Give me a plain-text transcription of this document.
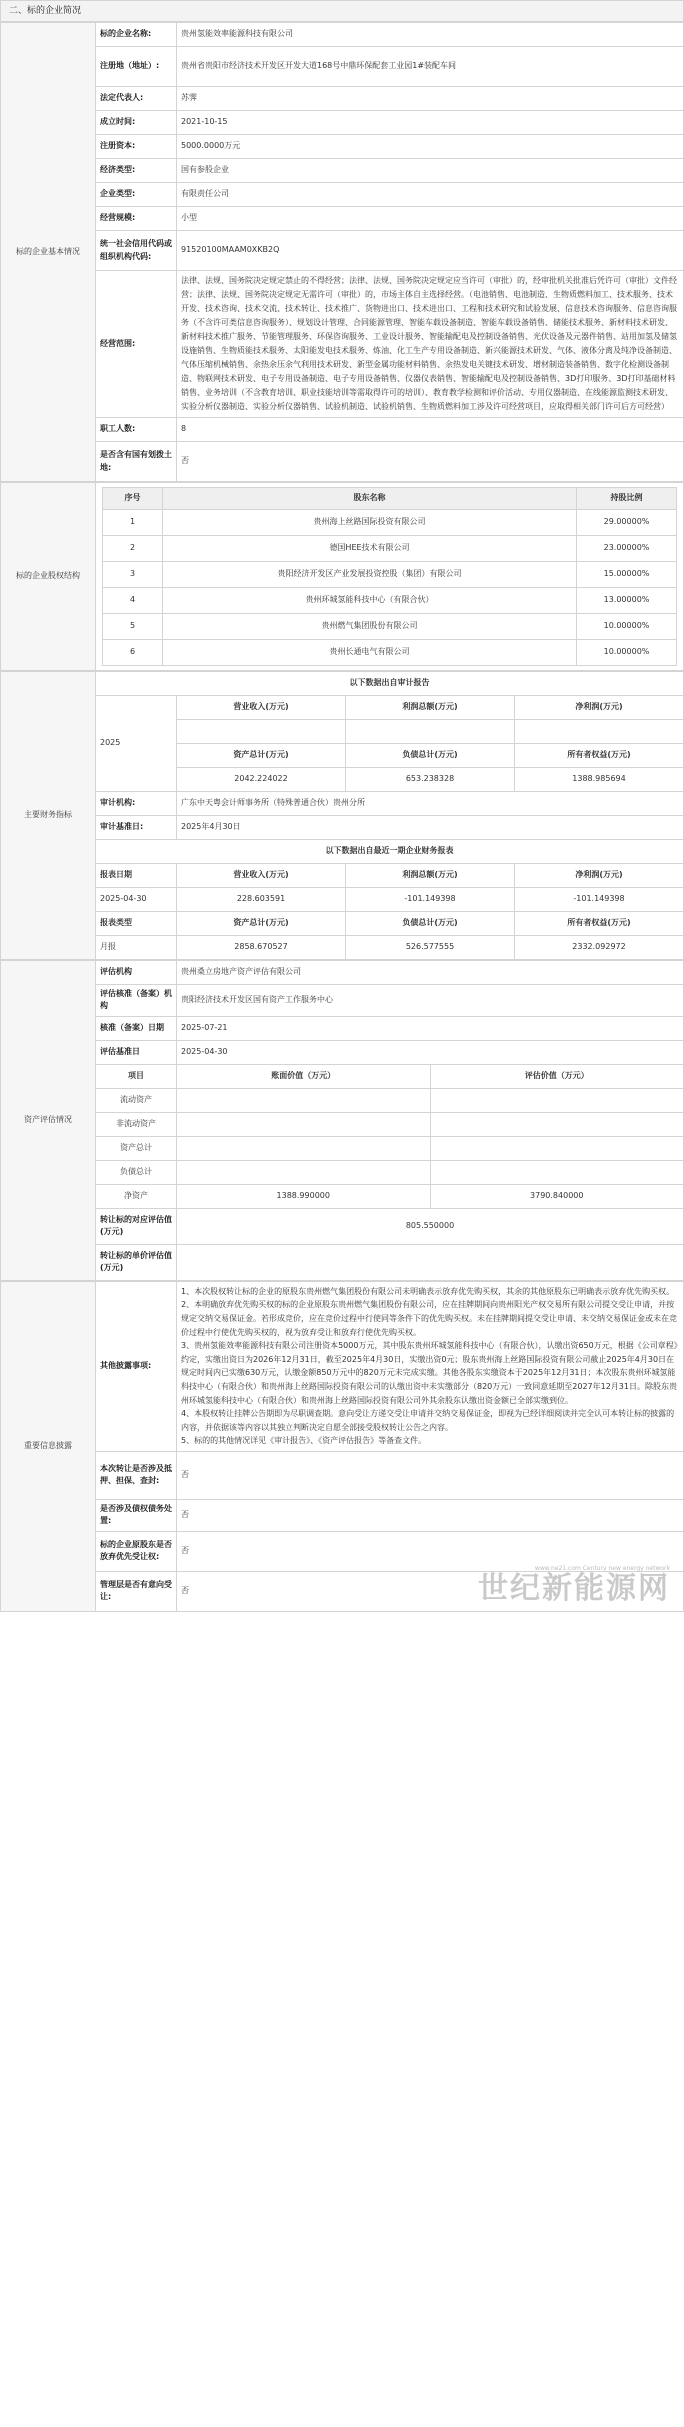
二、标的企业简况
标的企业基本情况	标的企业名称:	贵州氢能效率能源科技有限公司
	注册地（地址）:	贵州省贵阳市经济技术开发区开发大道168号中鼎环保配套工业园1#装配车间
	法定代表人:	苏霁
	成立时间:	2021-10-15
	注册资本:	5000.0000万元
	经济类型:	国有参股企业
	企业类型:	有限责任公司
	经营规模:	小型
	统一社会信用代码或组织机构代码:	91520100MAAM0XKB2Q
	经营范围:	法律、法规、国务院决定规定禁止的不得经营；法律、法规、国务院决定规定应当许可（审批）的，经审批机关批准后凭许可（审批）文件经营；法律、法规、国务院决定规定无需许可（审批）的，市场主体自主选择经营。（电池销售、电池制造、生物质燃料加工、技术服务、技术开发、技术咨询、技术交流、技术转让、技术推广、货物进出口、技术进出口、工程和技术研究和试验发展、信息技术咨询服务、信息咨询服务（不含许可类信息咨询服务）、规划设计管理、合同能源管理、智能车载设备制造、智能车载设备销售、储能技术服务、新材料技术研发、新材料技术推广服务、节能管理服务、环保咨询服务、工业设计服务、智能输配电及控制设备销售、光伏设备及元器件销售、站用加氢及储氢设施销售、生物质能技术服务、太阳能发电技术服务、炼油、化工生产专用设备制造、新兴能源技术研发、气体、液体分离及纯净设备制造、气体压缩机械销售、余热余压余气利用技术研发、新型金属功能材料销售、余热发电关键技术研发、增材制造装备销售、数字化检测设备制造、物联网技术研发、电子专用设备制造、电子专用设备销售、仪器仪表销售、智能输配电及控制设备销售、3D打印服务、3D打印基础材料销售、业务培训（不含教育培训、职业技能培训等需取得许可的培训）、教育教学检测和评价活动、专用仪器制造、在线能源监测技术研发、实验分析仪器制造、实验分析仪器销售、试验机制造、试验机销售、生物质燃料加工涉及许可经营项目，应取得相关部门许可后方可经营）
	职工人数:	8
	是否含有国有划拨土地:	否
标的企业股权结构	
序号	股东名称	持股比例
1	贵州海上丝路国际投资有限公司	29.00000%
2	德国HEE技术有限公司	23.00000%
3	贵阳经济开发区产业发展投资控股（集团）有限公司	15.00000%
4	贵州环城氢能科技中心（有限合伙）	13.00000%
5	贵州燃气集团股份有限公司	10.00000%
6	贵州长通电气有限公司	10.00000%
主要财务指标	以下数据出自审计报告			
	2025	营业收入(万元)	利润总额(万元)	净利润(万元)

		资产总计(万元)	负债总计(万元)	所有者权益(万元)
		2042.224022	653.238328	1388.985694
	审计机构:	广东中天粤会计师事务所（特殊普通合伙）贵州分所		
	审计基准日:	2025年4月30日		
	以下数据出自最近一期企业财务报表			
	报表日期	营业收入(万元)	利润总额(万元)	净利润(万元)
	2025-04-30	228.603591	-101.149398	-101.149398
	报表类型	资产总计(万元)	负债总计(万元)	所有者权益(万元)
	月报	2858.670527	526.577555	2332.092972
资产评估情况	评估机构	贵州桑立房地产资产评估有限公司	
	评估核准（备案）机构	贵阳经济技术开发区国有资产工作服务中心	
	核准（备案）日期	2025-07-21	
	评估基准日	2025-04-30	
	项目	账面价值（万元）	评估价值（万元）
	流动资产		
	非流动资产		
	资产总计		
	负债总计		
	净资产	1388.990000	3790.840000
	转让标的对应评估值(万元)	805.550000	
	转让标的单价评估值(万元)		
重要信息披露	其他披露事项:	1、本次股权转让标的企业的原股东贵州燃气集团股份有限公司未明确表示放弃优先购买权，其余的其他原股东已明确表示放弃优先购买权。
2、本明确放弃优先购买权的标的企业原股东贵州燃气集团股份有限公司，应在挂牌期间向贵州阳光产权交易所有限公司提交受让申请，并按规定交纳交易保证金。若形成竞价，应在竞价过程中行使同等条件下的优先购买权。未在挂牌期间提交受让申请、未交纳交易保证金或未在竞价过程中行使优先购买权的，视为放弃受让和放弃行使优先购买权。
3、贵州氢能效率能源科技有限公司注册资本5000万元，其中股东贵州环城氢能科技中心（有限合伙），认缴出资650万元，根据《公司章程》约定，实缴出资日为2026年12月31日，截至2025年4月30日，实缴出资0元；股东贵州海上丝路国际投资有限公司截止2025年4月30日在规定时间内已实缴630万元，认缴金额850万元中的820万元未完成实缴。其他各股东实缴资本于2025年12月31日；本次股东贵州环城氢能科技中心（有限合伙）和贵州海上丝路国际投资有限公司的认缴出资中未实缴部分（820万元）一致同意延期至2027年12月31日。除股东贵州环城氢能科技中心（有限合伙）和贵州海上丝路国际投资有限公司外其余股东认缴出资金额已全部实缴到位。
4、本股权转让挂牌公告期即为尽职调查期。意向受让方递交受让申请并交纳交易保证金，即视为已经详细阅读并完全认可本转让标的披露的内容，并依据该等内容以其独立判断决定自愿全部接受股权转让公告之内容。
5、标的的其他情况详见《审计报告》、《资产评估报告》等备查文件。

	本次转让是否涉及抵押、担保、查封:	否
	是否涉及债权债务处置:	否
	标的企业原股东是否放弃优先受让权:	否
	管理层是否有意向受让:	否
www.ne21.com Century new energy network
世纪新能源网
